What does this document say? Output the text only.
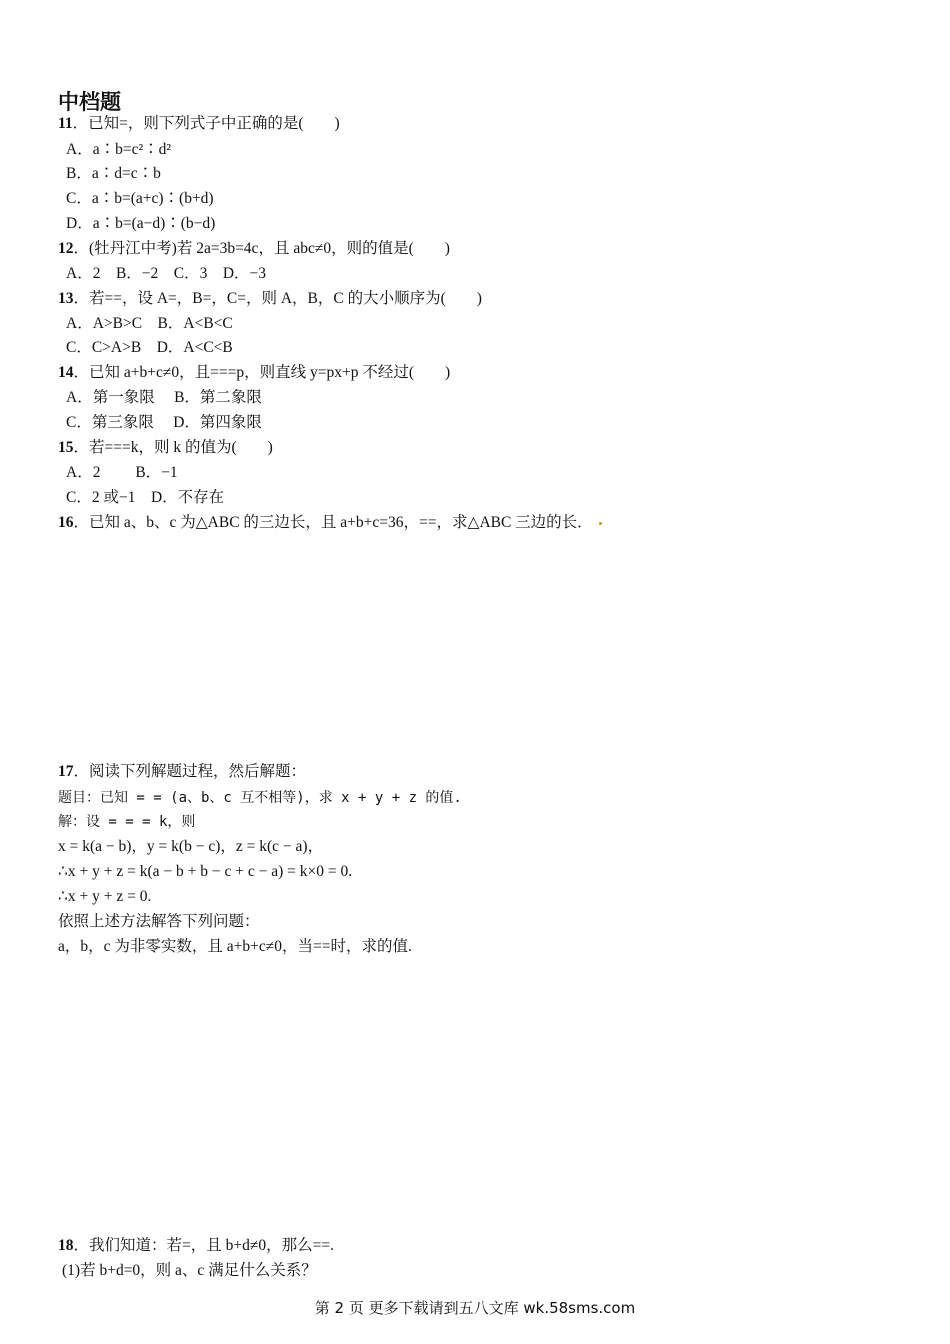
中档题
11．已知=，则下列式子中正确的是(　　)
A．a∶b=c²∶d²
B．a∶d=c∶b
C．a∶b=(a+c)∶(b+d)
D．a∶b=(a−d)∶(b−d)
12．(牡丹江中考)若 2a=3b=4c，且 abc≠0，则的值是(　　)
A．2　B．−2　C．3　D．−3
13．若==，设 A=，B=，C=，则 A，B，C 的大小顺序为(　　)
A．A>B>C　B．A<B<C
C．C>A>B　D．A<C<B
14．已知 a+b+c≠0，且===p，则直线 y=px+p 不经过(　　)
A．第一象限　 B．第二象限
C．第三象限　 D．第四象限
15．若===k，则 k 的值为(　　)
A．2　　 B．−1
C．2 或−1　D．不存在
16．已知 a、b、c 为△ABC 的三边长，且 a+b+c=36，==，求△ABC 三边的长．
17．阅读下列解题过程，然后解题：
题目：已知 = = (a、b、c 互不相等)，求 x + y + z 的值.
解：设 = = = k，则
x = k(a − b)，y = k(b − c)，z = k(c − a)，
∴x + y + z = k(a − b + b − c + c − a) = k×0 = 0.
∴x + y + z = 0.
依照上述方法解答下列问题：
a，b，c 为非零实数，且 a+b+c≠0，当==时，求的值.
18．我们知道：若=，且 b+d≠0，那么==.
(1)若 b+d=0，则 a、c 满足什么关系？
第 2 页 更多下载请到五八文库 wk.58sms.com
